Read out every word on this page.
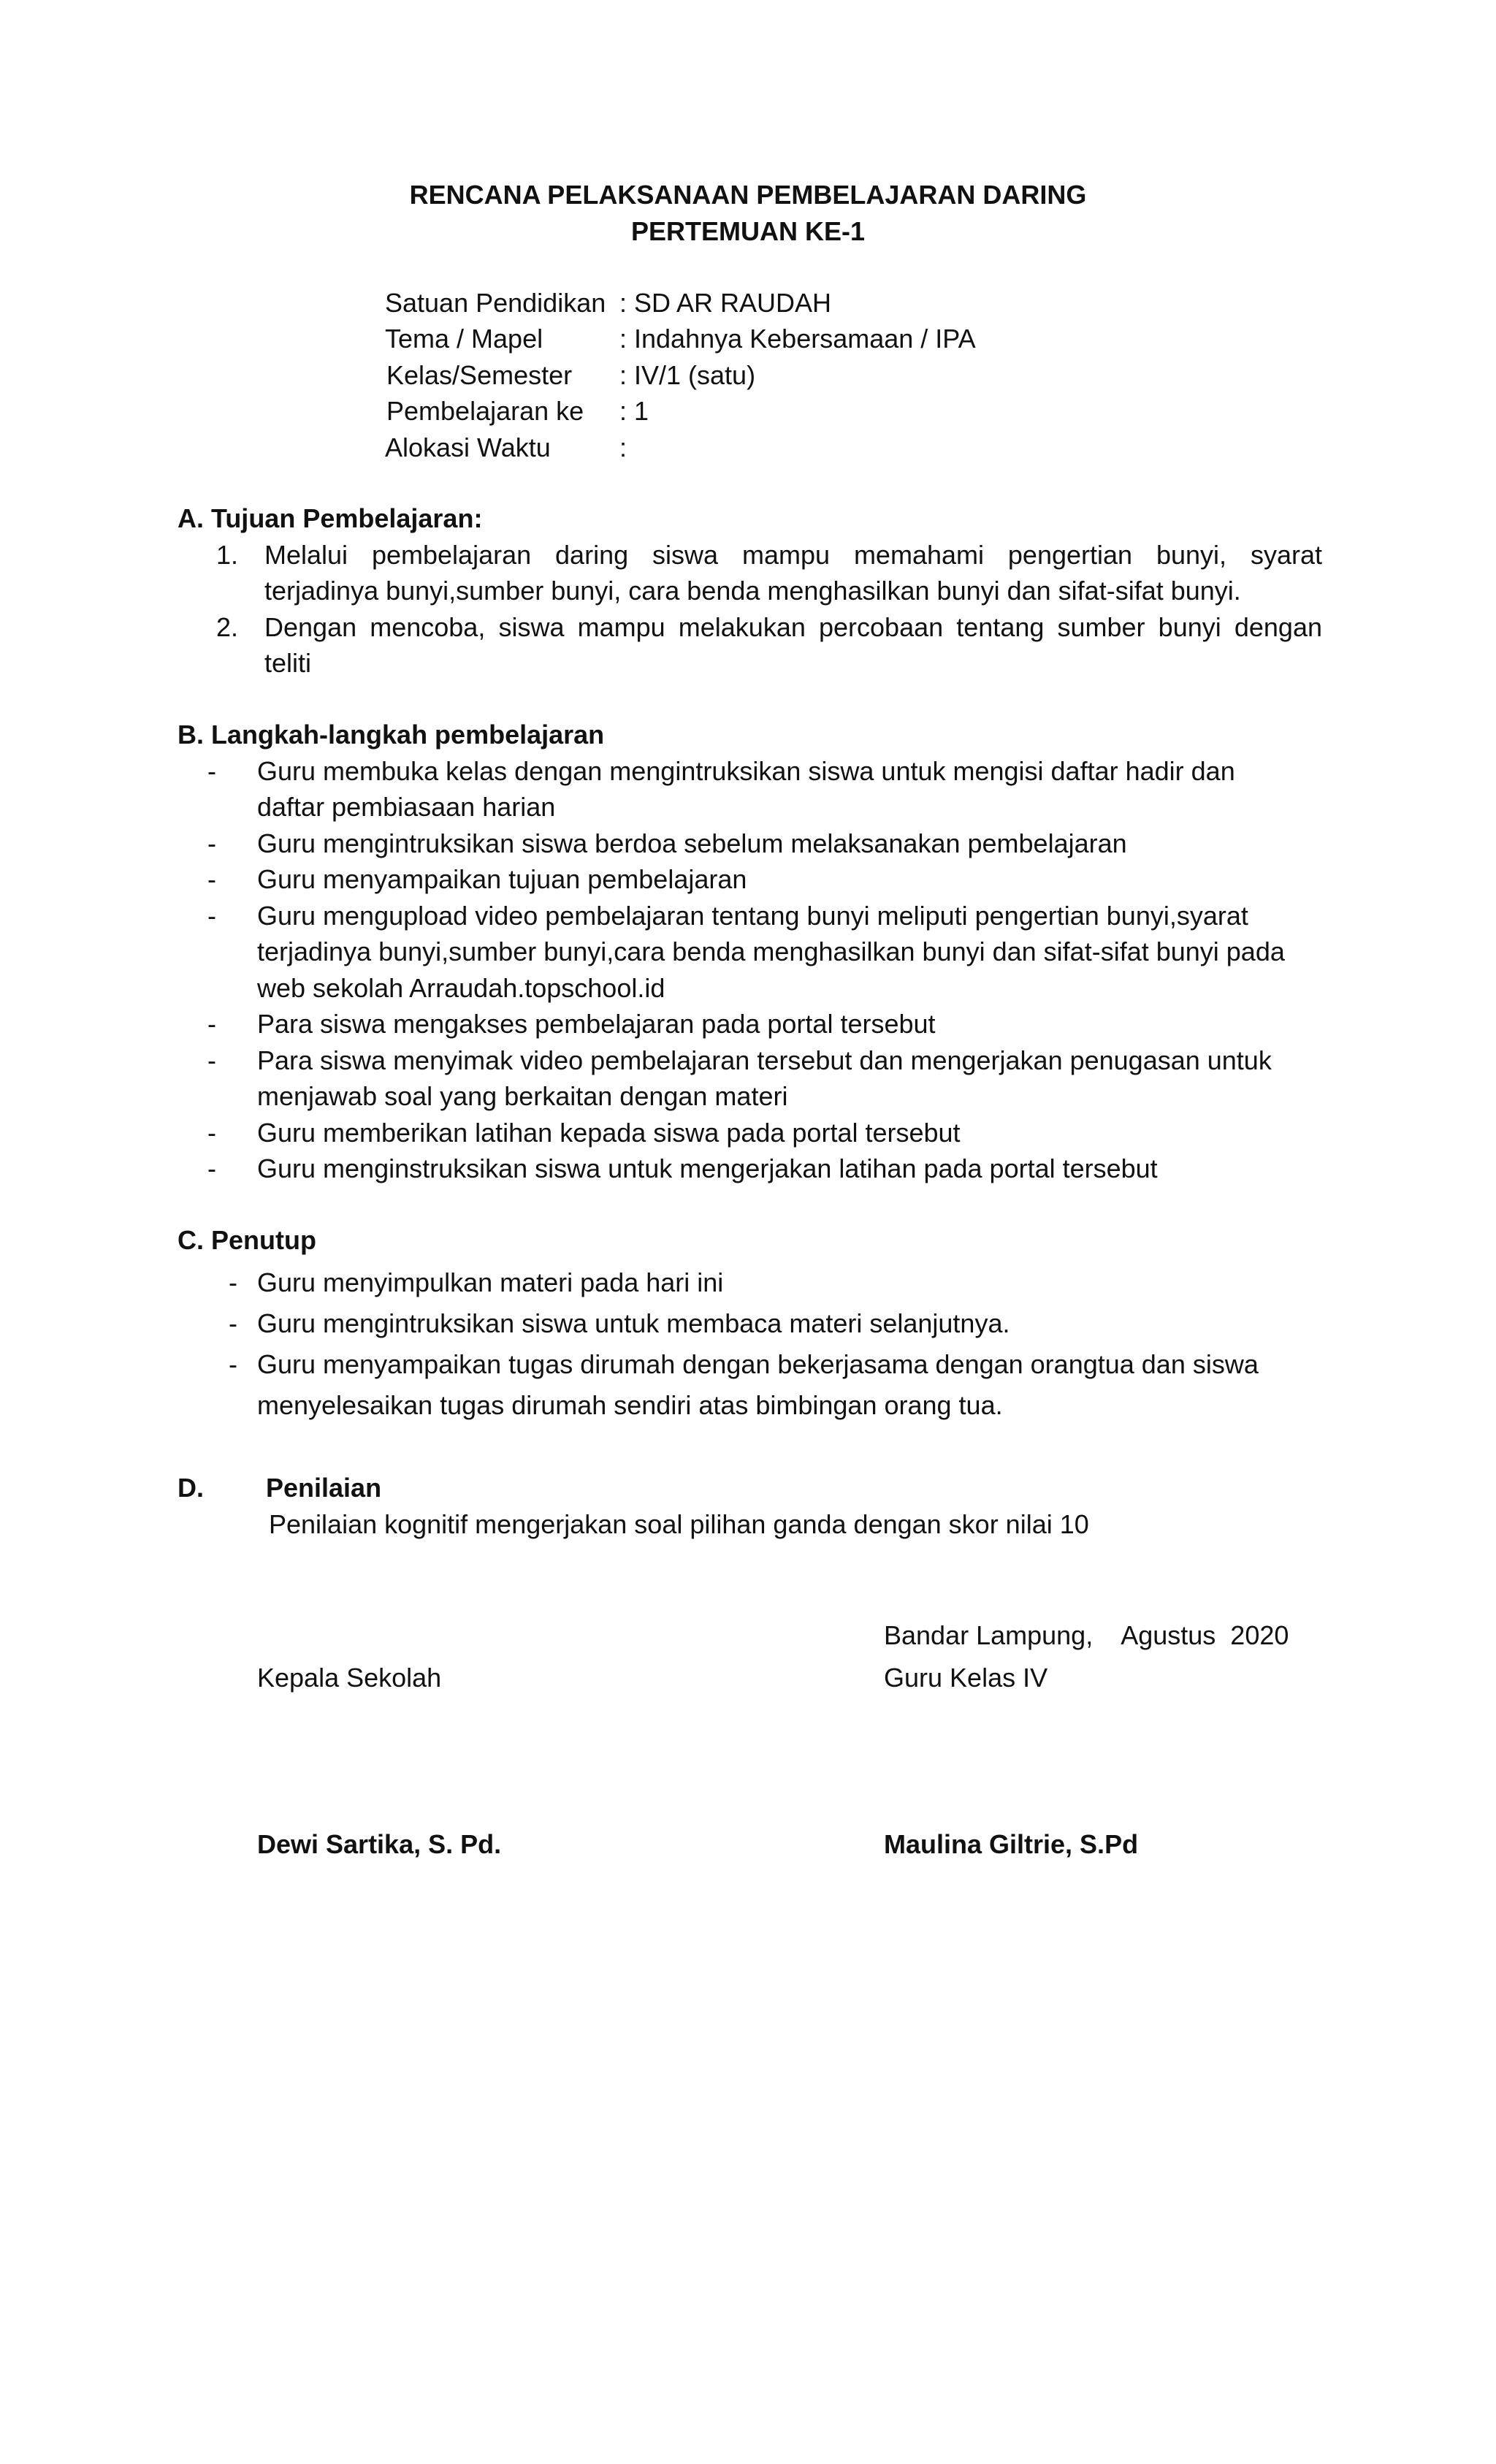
RENCANA PELAKSANAAN PEMBELAJARAN DARING
PERTEMUAN KE-1
Satuan Pendidikan : SD AR RAUDAH
Tema / Mapel	: Indahnya Kebersamaan / IPA
Kelas/Semester : IV/1 (satu)
Pembelajaran ke : 1
Alokasi Waktu	:
A. Tujuan Pembelajaran:
1. Melalui pembelajaran daring siswa mampu memahami pengertian bunyi, syarat
terjadinya bunyi,sumber bunyi, cara benda menghasilkan bunyi dan sifat-sifat bunyi.
2. Dengan mencoba, siswa mampu melakukan percobaan tentang sumber bunyi dengan
teliti
B. Langkah-langkah pembelajaran
- Guru membuka kelas dengan mengintruksikan siswa untuk mengisi daftar hadir dan
daftar pembiasaan harian
- Guru mengintruksikan siswa berdoa sebelum melaksanakan pembelajaran
- Guru menyampaikan tujuan pembelajaran
- Guru mengupload video pembelajaran tentang bunyi meliputi pengertian bunyi,syarat
terjadinya bunyi,sumber bunyi,cara benda menghasilkan bunyi dan sifat-sifat bunyi pada
web sekolah Arraudah.topschool.id
- Para siswa mengakses pembelajaran pada portal tersebut
- Para siswa menyimak video pembelajaran tersebut dan mengerjakan penugasan untuk
menjawab soal yang berkaitan dengan materi
- Guru memberikan latihan kepada siswa pada portal tersebut
- Guru menginstruksikan siswa untuk mengerjakan latihan pada portal tersebut
C. Penutup
- Guru menyimpulkan materi pada hari ini
- Guru mengintruksikan siswa untuk membaca materi selanjutnya.
- Guru menyampaikan tugas dirumah dengan bekerjasama dengan orangtua dan siswa
menyelesaikan tugas dirumah sendiri atas bimbingan orang tua.
D. Penilaian
Penilaian kognitif mengerjakan soal pilihan ganda dengan skor nilai 10
Bandar Lampung,    Agustus  2020
Kepala Sekolah	Guru Kelas IV
Dewi Sartika, S. Pd.	Maulina Giltrie, S.Pd
